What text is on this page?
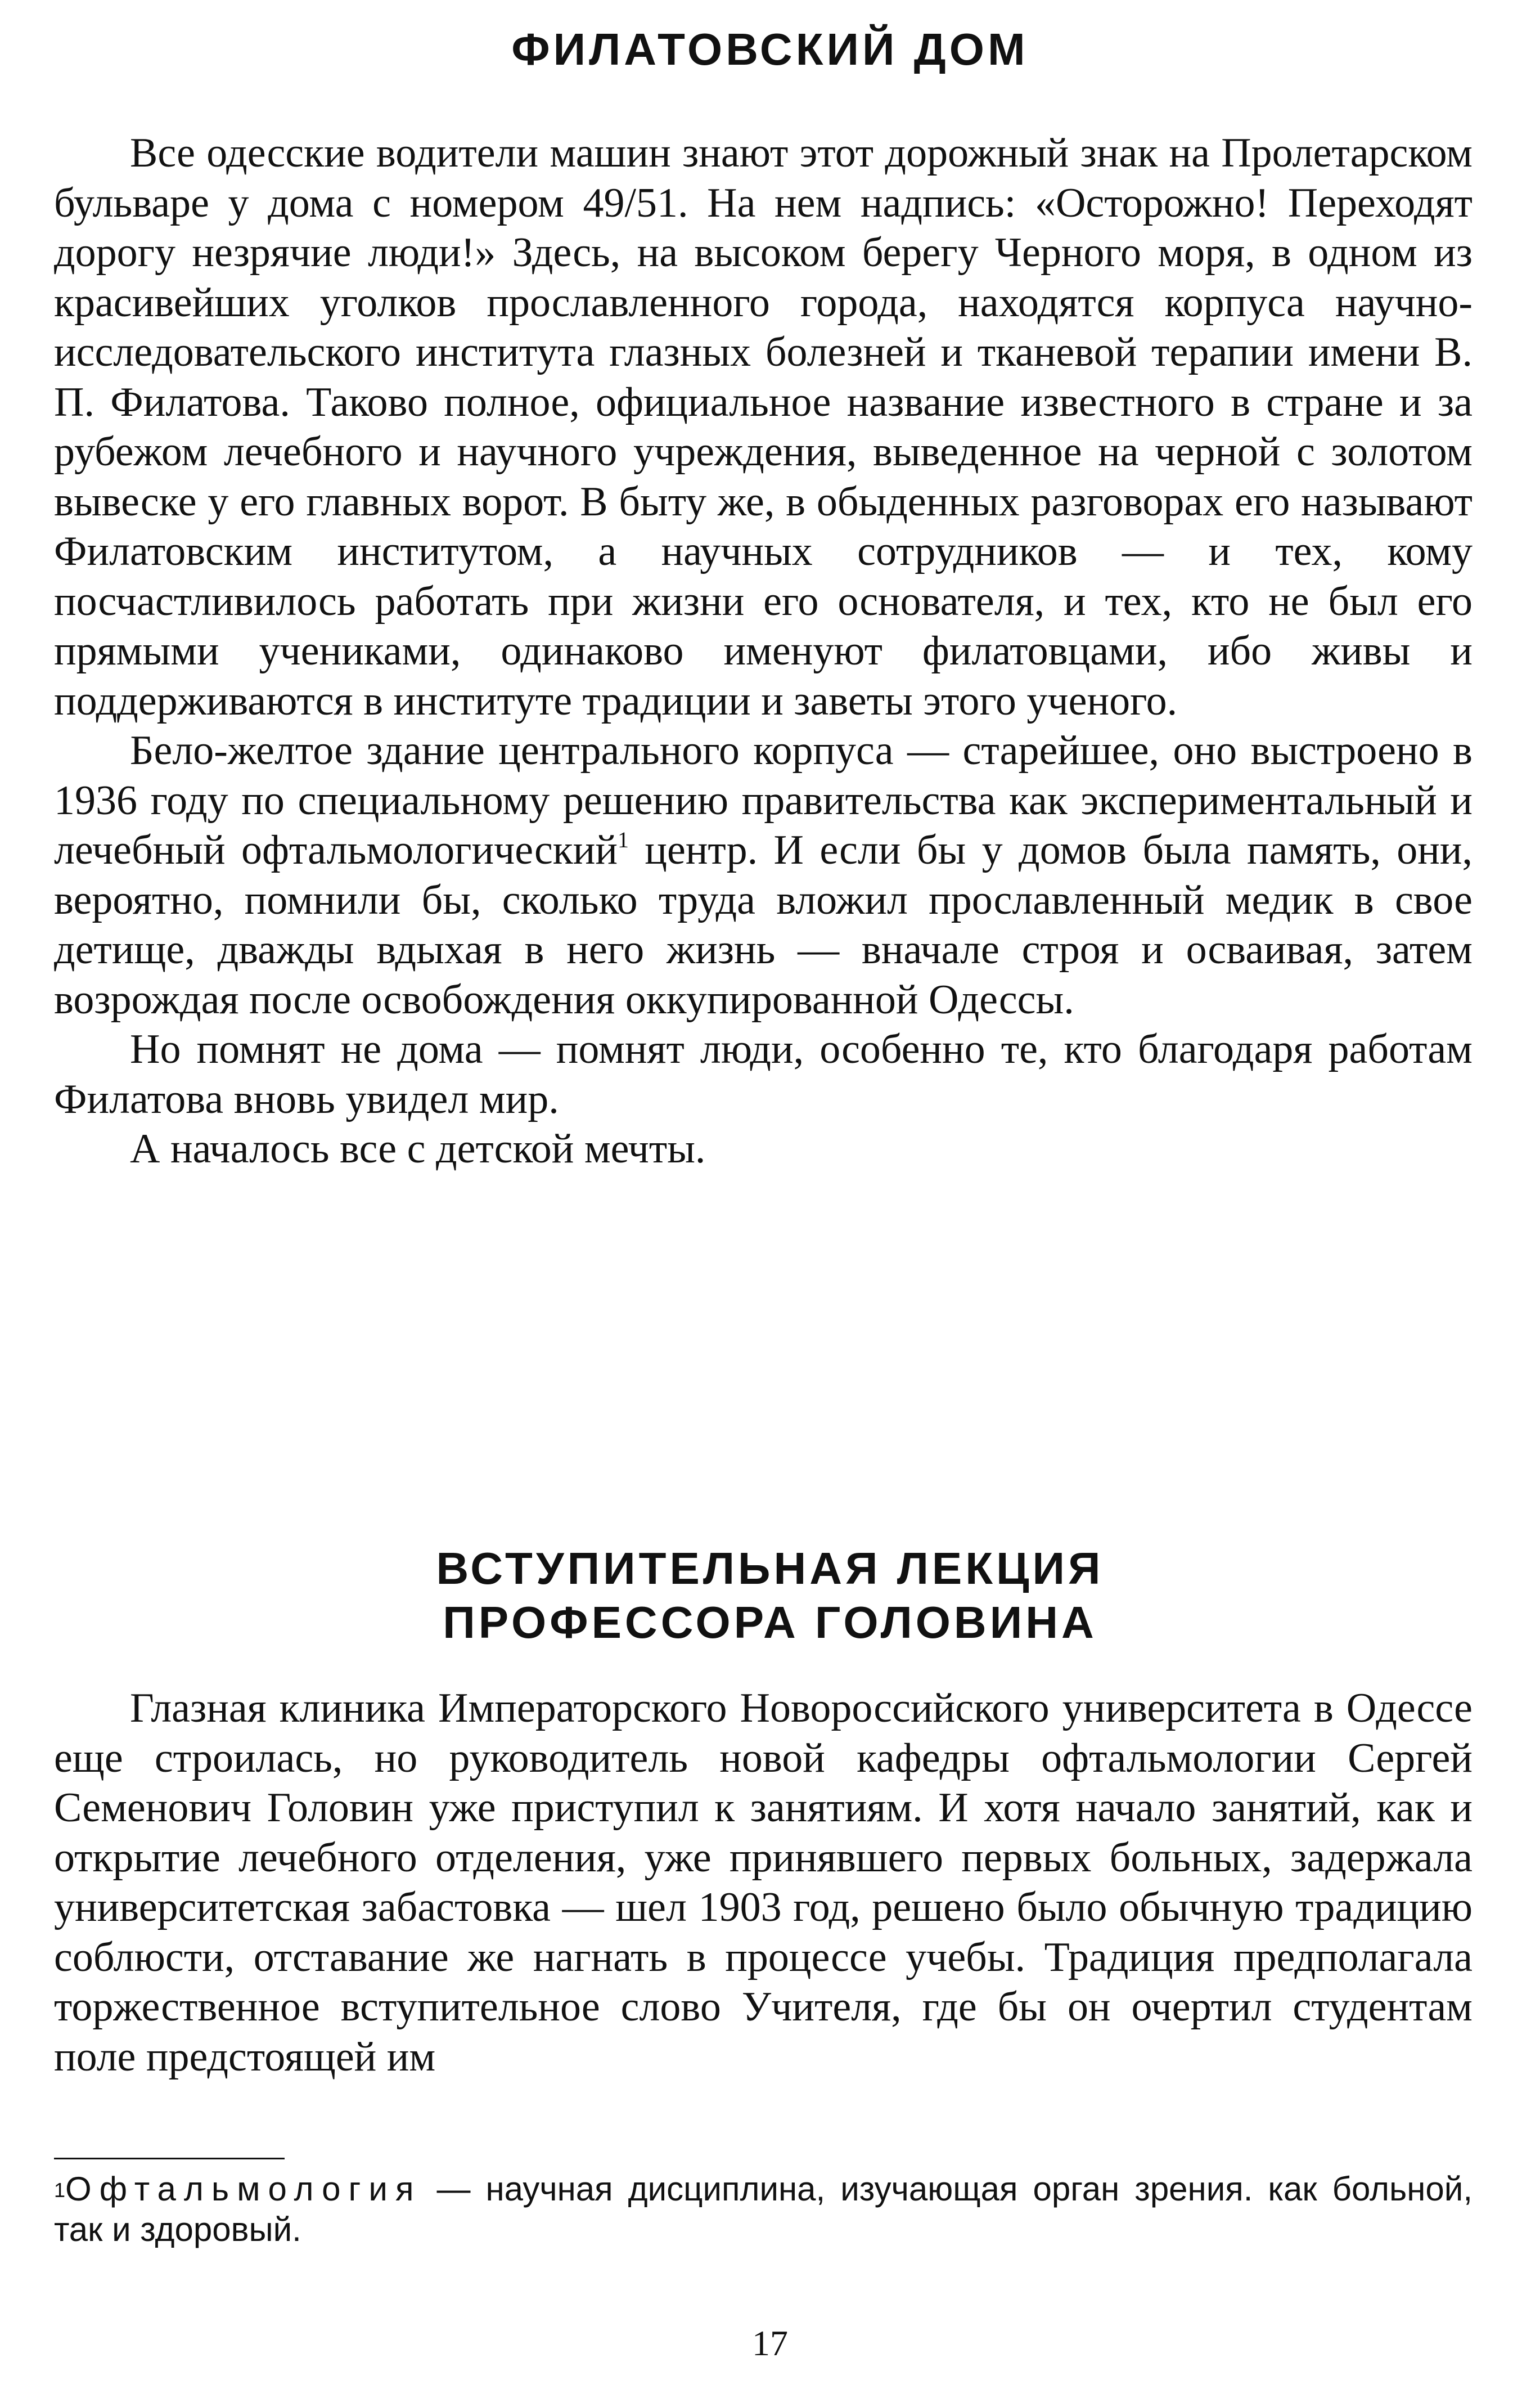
ФИЛАТОВСКИЙ ДОМ

Все одесские водители машин знают этот дорожный знак на Пролетарском бульваре у дома с номером 49/51. На нем надпись: «Осторожно! Переходят дорогу незрячие люди!» Здесь, на высоком берегу Черного моря, в одном из красивейших уголков прославленного города, находятся корпуса научно-исследовательского института глазных болезней и тканевой терапии имени В. П. Филатова. Таково полное, официальное название известного в стране и за рубежом лечебного и научного учреждения, выведенное на черной с золотом вывеске у его главных ворот. В быту же, в обыденных разговорах его называют Филатовским институтом, а научных сотрудников — и тех, кому посчастливилось работать при жизни его основателя, и тех, кто не был его прямыми учениками, одинаково именуют филатовцами, ибо живы и поддерживаются в институте традиции и заветы этого ученого.

Бело-желтое здание центрального корпуса — старейшее, оно выстроено в 1936 году по специальному решению правительства как экспериментальный и лечебный офтальмологический$^1$ центр. И если бы у домов была память, они, вероятно, помнили бы, сколько труда вложил прославленный медик в свое детище, дважды вдыхая в него жизнь — вначале строя и осваивая, затем возрождая после освобождения оккупированной Одессы.

Но помнят не дома — помнят люди, особенно те, кто благодаря работам Филатова вновь увидел мир.

А началось все с детской мечты.

ВСТУПИТЕЛЬНАЯ ЛЕКЦИЯ
ПРОФЕССОРА ГОЛОВИНА

Глазная клиника Императорского Новороссийского университета в Одессе еще строилась, но руководитель новой кафедры офтальмологии Сергей Семенович Головин уже приступил к занятиям. И хотя начало занятий, как и открытие лечебного отделения, уже принявшего первых больных, задержала университетская забастовка — шел 1903 год, решено было обычную традицию соблюсти, отставание же нагнать в процессе учебы. Традиция предполагала торжественное вступительное слово Учителя, где бы он очертил студентам поле предстоящей им

$^1$Офтальмология — научная дисциплина, изучающая орган зрения. как больной, так и здоровый.

17
